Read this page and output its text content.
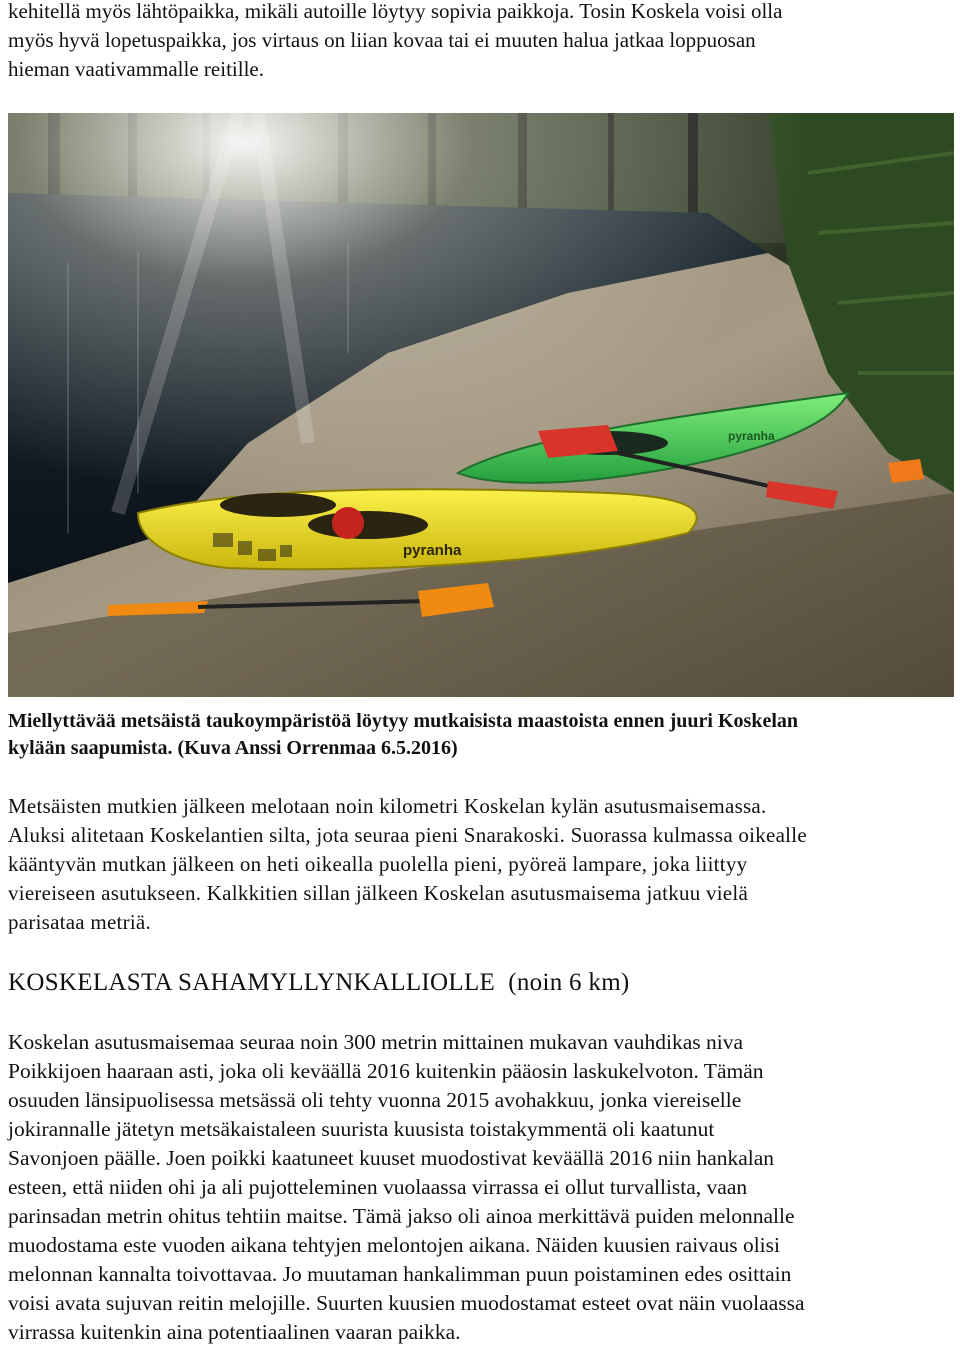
kehitellä myös lähtöpaikka, mikäli autoille löytyy sopivia paikkoja. Tosin Koskela voisi olla
myös hyvä lopetuspaikka, jos virtaus on liian kovaa tai ei muuten halua jatkaa loppuosan
hieman vaativammalle reitille.

pyranha
pyranha
Miellyttävää metsäistä taukoympäristöä löytyy mutkaisista maastoista ennen juuri Koskelan
kylään saapumista. (Kuva Anssi Orrenmaa 6.5.2016)

Metsäisten mutkien jälkeen melotaan noin kilometri Koskelan kylän asutusmaisemassa.
Aluksi alitetaan Koskelantien silta, jota seuraa pieni Snarakoski. Suorassa kulmassa oikealle
kääntyvän mutkan jälkeen on heti oikealla puolella pieni, pyöreä lampare, joka liittyy
viereiseen asutukseen. Kalkkitien sillan jälkeen Koskelan asutusmaisema jatkuu vielä
parisataa metriä.

KOSKELASTA SAHAMYLLYNKALLIOLLE (noin 6 km)

Koskelan asutusmaisemaa seuraa noin 300 metrin mittainen mukavan vauhdikas niva
Poikkijoen haaraan asti, joka oli keväällä 2016 kuitenkin pääosin laskukelvoton. Tämän
osuuden länsipuolisessa metsässä oli tehty vuonna 2015 avohakkuu, jonka viereiselle
jokirannalle jätetyn metsäkaistaleen suurista kuusista toistakymmentä oli kaatunut
Savonjoen päälle. Joen poikki kaatuneet kuuset muodostivat keväällä 2016 niin hankalan
esteen, että niiden ohi ja ali pujotteleminen vuolaassa virrassa ei ollut turvallista, vaan
parinsadan metrin ohitus tehtiin maitse. Tämä jakso oli ainoa merkittävä puiden melonnalle
muodostama este vuoden aikana tehtyjen melontojen aikana. Näiden kuusien raivaus olisi
melonnan kannalta toivottavaa. Jo muutaman hankalimman puun poistaminen edes osittain
voisi avata sujuvan reitin melojille. Suurten kuusien muodostamat esteet ovat näin vuolaassa
virrassa kuitenkin aina potentiaalinen vaaran paikka.
